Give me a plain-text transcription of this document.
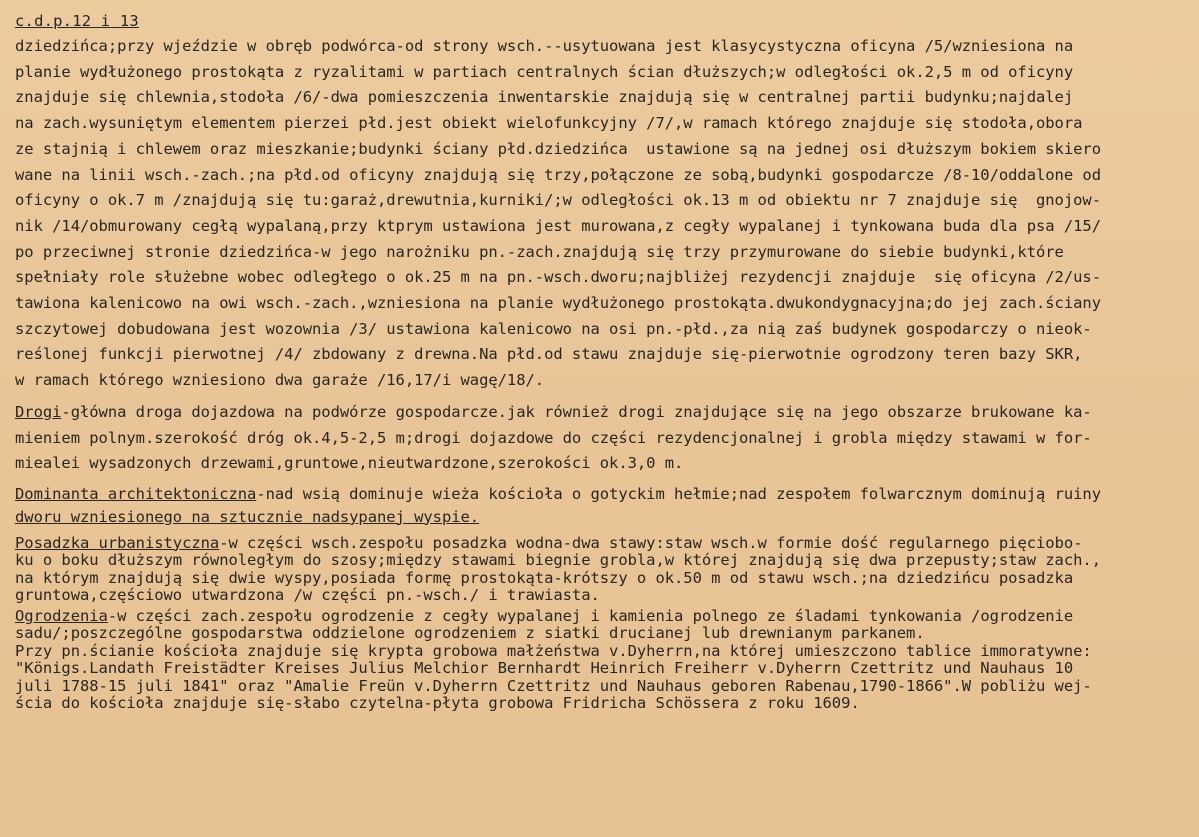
c.d.p.12 i 13
dziedzińca;przy wjeździe w obręb podwórca-od strony wsch.--usytuowana jest klasycystyczna oficyna /5/wzniesiona na
planie wydłużonego prostokąta z ryzalitami w partiach centralnych ścian dłuższych;w odległości ok.2,5 m od oficyny
znajduje się chlewnia,stodoła /6/-dwa pomieszczenia inwentarskie znajdują się w centralnej partii budynku;najdalej
na zach.wysuniętym elementem pierzei płd.jest obiekt wielofunkcyjny /7/,w ramach którego znajduje się stodoła,obora
ze stajnią i chlewem oraz mieszkanie;budynki ściany płd.dziedzińca  ustawione są na jednej osi dłuższym bokiem skiero
wane na linii wsch.-zach.;na płd.od oficyny znajdują się trzy,połączone ze sobą,budynki gospodarcze /8-10/oddalone od
oficyny o ok.7 m /znajdują się tu:garaż,drewutnia,kurniki/;w odległości ok.13 m od obiektu nr 7 znajduje się  gnojow-
nik /14/obmurowany cegłą wypalaną,przy ktprym ustawiona jest murowana,z cegły wypalanej i tynkowana buda dla psa /15/
po przeciwnej stronie dziedzińca-w jego narożniku pn.-zach.znajdują się trzy przymurowane do siebie budynki,które
spełniały role służebne wobec odległego o ok.25 m na pn.-wsch.dworu;najbliżej rezydencji znajduje  się oficyna /2/us-
tawiona kalenicowo na owi wsch.-zach.,wzniesiona na planie wydłużonego prostokąta.dwukondygnacyjna;do jej zach.ściany
szczytowej dobudowana jest wozownia /3/ ustawiona kalenicowo na osi pn.-płd.,za nią zaś budynek gospodarczy o nieok-
reślonej funkcji pierwotnej /4/ zbdowany z drewna.Na płd.od stawu znajduje się-pierwotnie ogrodzony teren bazy SKR,
w ramach którego wzniesiono dwa garaże /16,17/i wagę/18/.
Drogi-główna droga dojazdowa na podwórze gospodarcze.jak również drogi znajdujące się na jego obszarze brukowane ka-
mieniem polnym.szerokość dróg ok.4,5-2,5 m;drogi dojazdowe do części rezydencjonalnej i grobla między stawami w for-
miealei wysadzonych drzewami,gruntowe,nieutwardzone,szerokości ok.3,0 m.
Dominanta architektoniczna-nad wsią dominuje wieża kościoła o gotyckim hełmie;nad zespołem folwarcznym dominują ruiny
dworu wzniesionego na sztucznie nadsypanej wyspie.
Posadzka urbanistyczna-w części wsch.zespołu posadzka wodna-dwa stawy:staw wsch.w formie dość regularnego pięciobo-
ku o boku dłuższym równoległym do szosy;między stawami biegnie grobla,w której znajdują się dwa przepusty;staw zach.,
na którym znajdują się dwie wyspy,posiada formę prostokąta-krótszy o ok.50 m od stawu wsch.;na dziedzińcu posadzka
gruntowa,częściowo utwardzona /w części pn.-wsch./ i trawiasta.
Ogrodzenia-w części zach.zespołu ogrodzenie z cegły wypalanej i kamienia polnego ze śladami tynkowania /ogrodzenie
sadu/;poszczególne gospodarstwa oddzielone ogrodzeniem z siatki drucianej lub drewnianym parkanem.
Przy pn.ścianie kościoła znajduje się krypta grobowa małżeństwa v.Dyherrn,na której umieszczono tablice immoratywne:
"Königs.Landath Freistädter Kreises Julius Melchior Bernhardt Heinrich Freiherr v.Dyherrn Czettritz und Nauhaus 10
juli 1788-15 juli 1841" oraz "Amalie Freün v.Dyherrn Czettritz und Nauhaus geboren Rabenau,1790-1866".W pobliżu wej-
ścia do kościoła znajduje się-słabo czytelna-płyta grobowa Fridricha Schössera z roku 1609.
